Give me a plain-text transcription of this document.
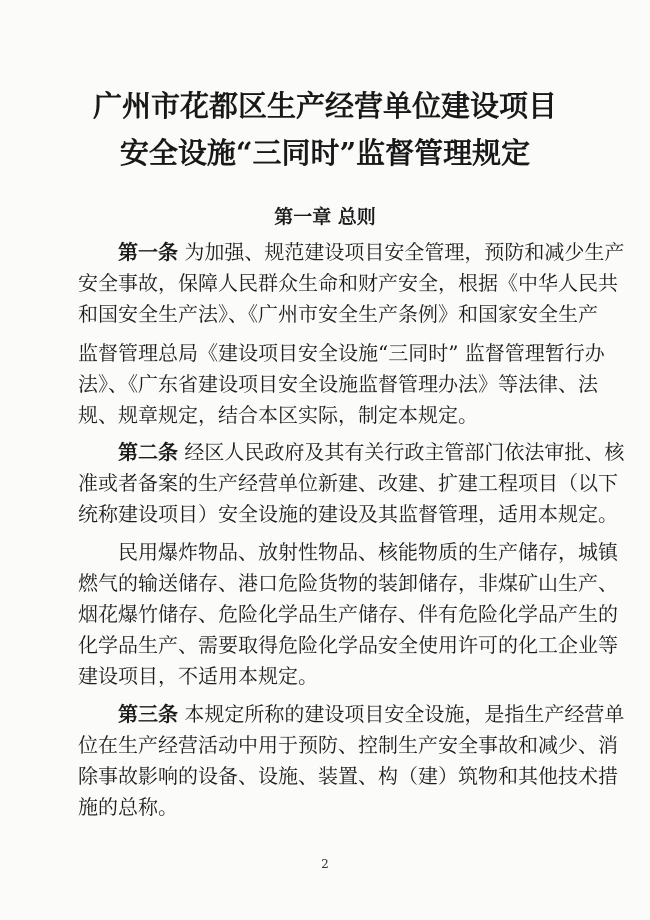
广州市花都区生产经营单位建设项目
安全设施“三同时”监督管理规定
第一章 总则
第一条 为加强、规范建设项目安全管理，预防和减少生产
安全事故，保障人民群众生命和财产安全，根据《中华人民共
和国安全生产法》、《广州市安全生产条例》和国家安全生产
监督管理总局《建设项目安全设施“三同时” 监督管理暂行办
法》、《广东省建设项目安全设施监督管理办法》等法律、法
规、规章规定，结合本区实际，制定本规定。
第二条 经区人民政府及其有关行政主管部门依法审批、核
准或者备案的生产经营单位新建、改建、扩建工程项目（以下
统称建设项目）安全设施的建设及其监督管理，适用本规定。
民用爆炸物品、放射性物品、核能物质的生产储存，城镇
燃气的输送储存、港口危险货物的装卸储存，非煤矿山生产、
烟花爆竹储存、危险化学品生产储存、伴有危险化学品产生的
化学品生产、需要取得危险化学品安全使用许可的化工企业等
建设项目，不适用本规定。
第三条 本规定所称的建设项目安全设施，是指生产经营单
位在生产经营活动中用于预防、控制生产安全事故和减少、消
除事故影响的设备、设施、装置、构（建）筑物和其他技术措
施的总称。
2
